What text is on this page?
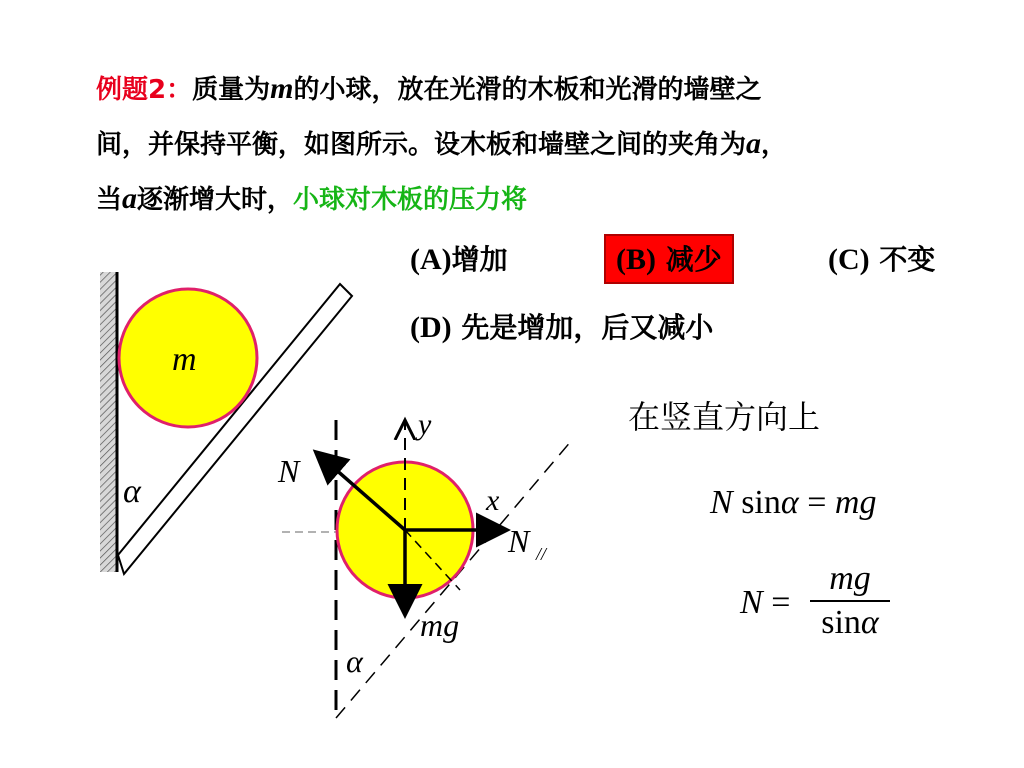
例题2：质量为m的小球，放在光滑的木板和光滑的墙壁之
间，并保持平衡，如图所示。设木板和墙壁之间的夹角为a，
当a逐渐增大时，小球对木板的压力将
(A)增加	(B) 减少	(C) 不变
(D) 先是增加，后又减小
m
α
y
x
N
N //
mg
α
在竖直方向上
N sinα = mg
$N = \frac{mg}{\sin\alpha}$
